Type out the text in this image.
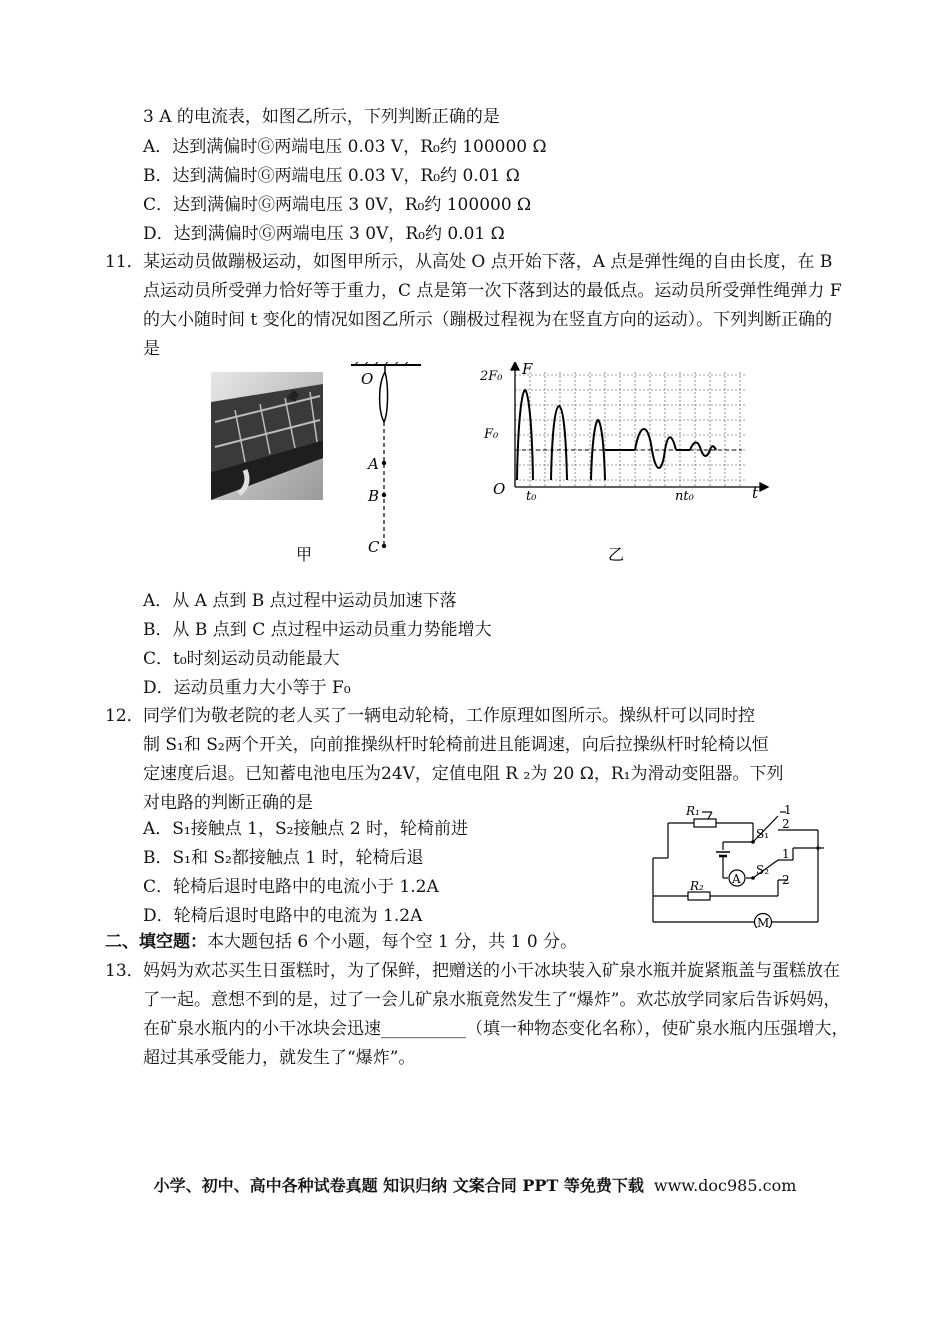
3 A 的电流表，如图乙所示，下列判断正确的是
A．达到满偏时Ⓖ两端电压 0.03 V，R₀约 100000 Ω
B．达到满偏时Ⓖ两端电压 0.03 V，R₀约 0.01 Ω
C．达到满偏时Ⓖ两端电压 3 0V，R₀约 100000 Ω
D．达到满偏时Ⓖ两端电压 3 0V，R₀约 0.01 Ω
11． 某运动员做蹦极运动，如图甲所示，从高处 O 点开始下落，A 点是弹性绳的自由长度，在 B 点运动员所受弹力恰好等于重力，C 点是第一次下落到达的最低点。运动员所受弹性绳弹力 F 的大小随时间 t 变化的情况如图乙所示（蹦极过程视为在竖直方向的运动）。下列判断正确的是
O
A
B
C
甲
2F₀
F₀
F
O t₀	nt₀	t
乙
A．从 A 点到 B 点过程中运动员加速下落
B．从 B 点到 C 点过程中运动员重力势能增大
C．t₀时刻运动员动能最大
D．运动员重力大小等于 F₀
12． 同学们为敬老院的老人买了一辆电动轮椅，工作原理如图所示。操纵杆可以同时控
制 S₁和 S₂两个开关，向前推操纵杆时轮椅前进且能调速，向后拉操纵杆时轮椅以恒
定速度后退。已知蓄电池电压为24V，定值电阻 R ₂为 20 Ω，R₁为滑动变阻器。下列
对电路的判断正确的是
A．S₁接触点 1，S₂接触点 2 时，轮椅前进
B．S₁和 S₂都接触点 1 时，轮椅后退
C．轮椅后退时电路中的电流小于 1.2A
D．轮椅后退时电路中的电流为 1.2A
A
M
R₁
R₂
S₁
S₂
1
2
1
2
二、填空题：本大题包括 6 个小题，每个空 1 分，共 1 0 分。
13． 妈妈为欢芯买生日蛋糕时，为了保鲜，把赠送的小干冰块装入矿泉水瓶并旋紧瓶盖与蛋糕放在了一起。意想不到的是，过了一会儿矿泉水瓶竟然发生了“爆炸”。欢芯放学同家后告诉妈妈，在矿泉水瓶内的小干冰块会迅速__________（填一种物态变化名称），使矿泉水瓶内压强增大，超过其承受能力，就发生了“爆炸”。
小学、初中、高中各种试卷真题 知识归纳 文案合同 PPT 等免费下载 www.doc985.com
